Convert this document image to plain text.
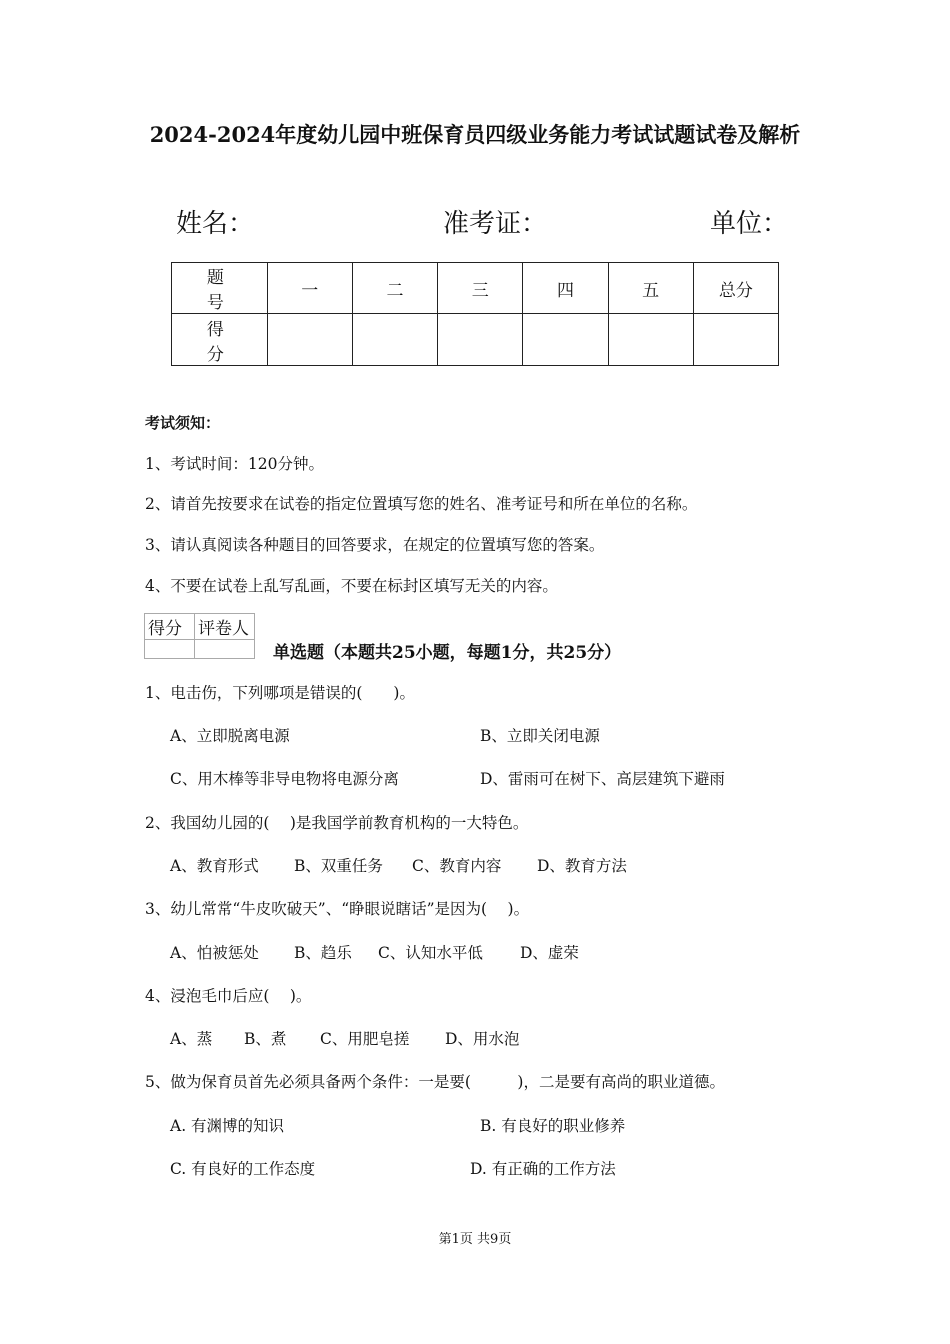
2024-2024年度幼儿园中班保育员四级业务能力考试试题试卷及解析
姓名：	准考证：	单位：
题 号	一	二	三	四	五	总分
得 分						
考试须知：
1、考试时间：120分钟。
2、请首先按要求在试卷的指定位置填写您的姓名、准考证号和所在单位的名称。
3、请认真阅读各种题目的回答要求，在规定的位置填写您的答案。
4、不要在试卷上乱写乱画，不要在标封区填写无关的内容。
得分	评卷人

单选题（本题共25小题，每题1分，共25分）
1、电击伤，下列哪项是错误的(　　)。
A、立即脱离电源	B、立即关闭电源
C、用木棒等非导电物将电源分离	D、雷雨可在树下、高层建筑下避雨
2、我国幼儿园的(　 )是我国学前教育机构的一大特色。
A、教育形式 B、双重任务 C、教育内容 D、教育方法
3、幼儿常常“牛皮吹破天”、“睁眼说瞎话”是因为(　 )。
A、怕被惩处 B、趋乐 C、认知水平低 D、虚荣
4、浸泡毛巾后应(　 )。
A、蒸 B、煮 C、用肥皂搓 D、用水泡
5、做为保育员首先必须具备两个条件：一是要(　　　)，二是要有高尚的职业道德。
A. 有渊博的知识	B. 有良好的职业修养
C. 有良好的工作态度	D. 有正确的工作方法
第1页 共9页
